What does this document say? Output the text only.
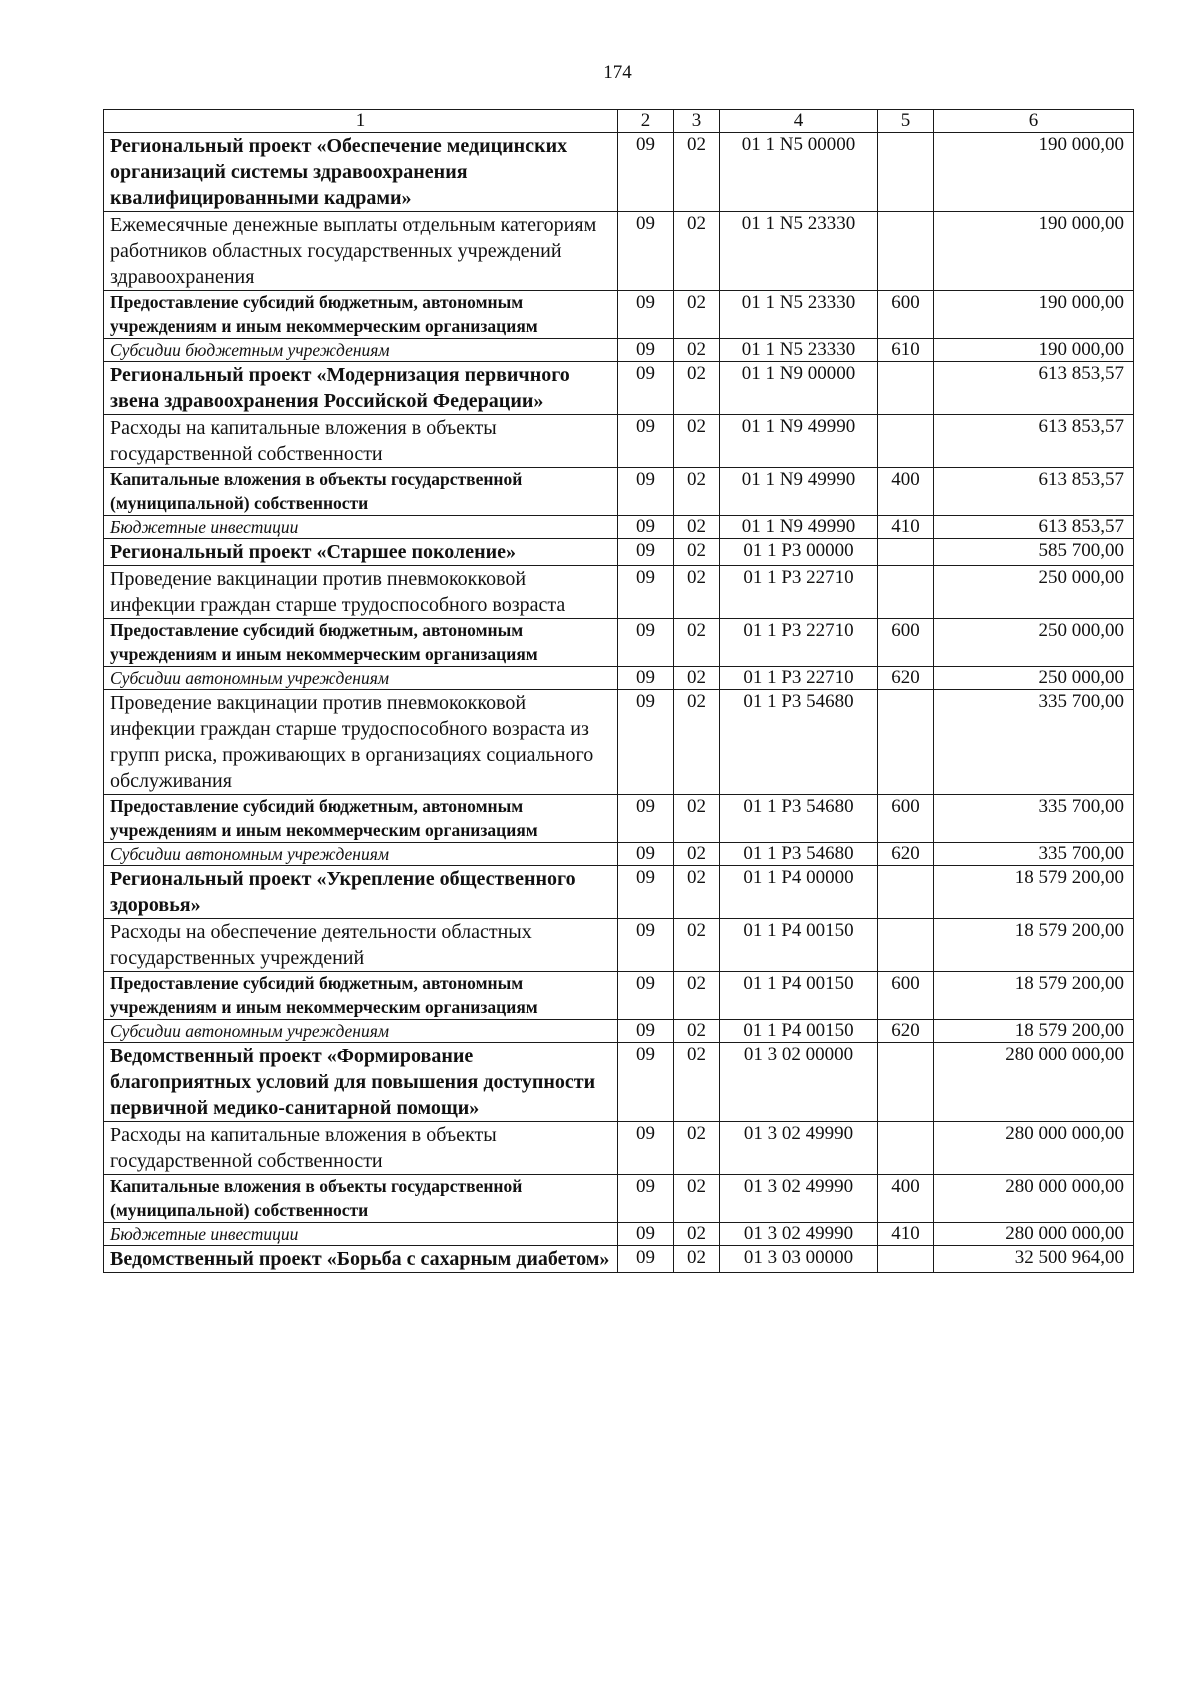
174
1	2	3	4	5	6
Региональный проект «Обеспечение медицинских организаций системы здравоохранения квалифицированными кадрами»	09	02	01 1 N5 00000		190 000,00
Ежемесячные денежные выплаты отдельным категориям работников областных государственных учреждений здравоохранения	09	02	01 1 N5 23330		190 000,00
Предоставление субсидий бюджетным, автономным учреждениям и иным некоммерческим организациям	09	02	01 1 N5 23330	600	190 000,00
Субсидии бюджетным учреждениям	09	02	01 1 N5 23330	610	190 000,00
Региональный проект «Модернизация первичного звена здравоохранения Российской Федерации»	09	02	01 1 N9 00000		613 853,57
Расходы на капитальные вложения в объекты государственной собственности	09	02	01 1 N9 49990		613 853,57
Капитальные вложения в объекты государственной (муниципальной) собственности	09	02	01 1 N9 49990	400	613 853,57
Бюджетные инвестиции	09	02	01 1 N9 49990	410	613 853,57
Региональный проект «Старшее поколение»	09	02	01 1 P3 00000		585 700,00
Проведение вакцинации против пневмококковой инфекции граждан старше трудоспособного возраста	09	02	01 1 P3 22710		250 000,00
Предоставление субсидий бюджетным, автономным учреждениям и иным некоммерческим организациям	09	02	01 1 P3 22710	600	250 000,00
Субсидии автономным учреждениям	09	02	01 1 P3 22710	620	250 000,00
Проведение вакцинации против пневмококковой инфекции граждан старше трудоспособного возраста из групп риска, проживающих в организациях социального обслуживания	09	02	01 1 P3 54680		335 700,00
Предоставление субсидий бюджетным, автономным учреждениям и иным некоммерческим организациям	09	02	01 1 P3 54680	600	335 700,00
Субсидии автономным учреждениям	09	02	01 1 P3 54680	620	335 700,00
Региональный проект «Укрепление общественного здоровья»	09	02	01 1 P4 00000		18 579 200,00
Расходы на обеспечение деятельности областных государственных учреждений	09	02	01 1 P4 00150		18 579 200,00
Предоставление субсидий бюджетным, автономным учреждениям и иным некоммерческим организациям	09	02	01 1 P4 00150	600	18 579 200,00
Субсидии автономным учреждениям	09	02	01 1 P4 00150	620	18 579 200,00
Ведомственный проект «Формирование благоприятных условий для повышения доступности первичной медико-санитарной помощи»	09	02	01 3 02 00000		280 000 000,00
Расходы на капитальные вложения в объекты государственной собственности	09	02	01 3 02 49990		280 000 000,00
Капитальные вложения в объекты государственной (муниципальной) собственности	09	02	01 3 02 49990	400	280 000 000,00
Бюджетные инвестиции	09	02	01 3 02 49990	410	280 000 000,00
Ведомственный проект «Борьба с сахарным диабетом»	09	02	01 3 03 00000		32 500 964,00
